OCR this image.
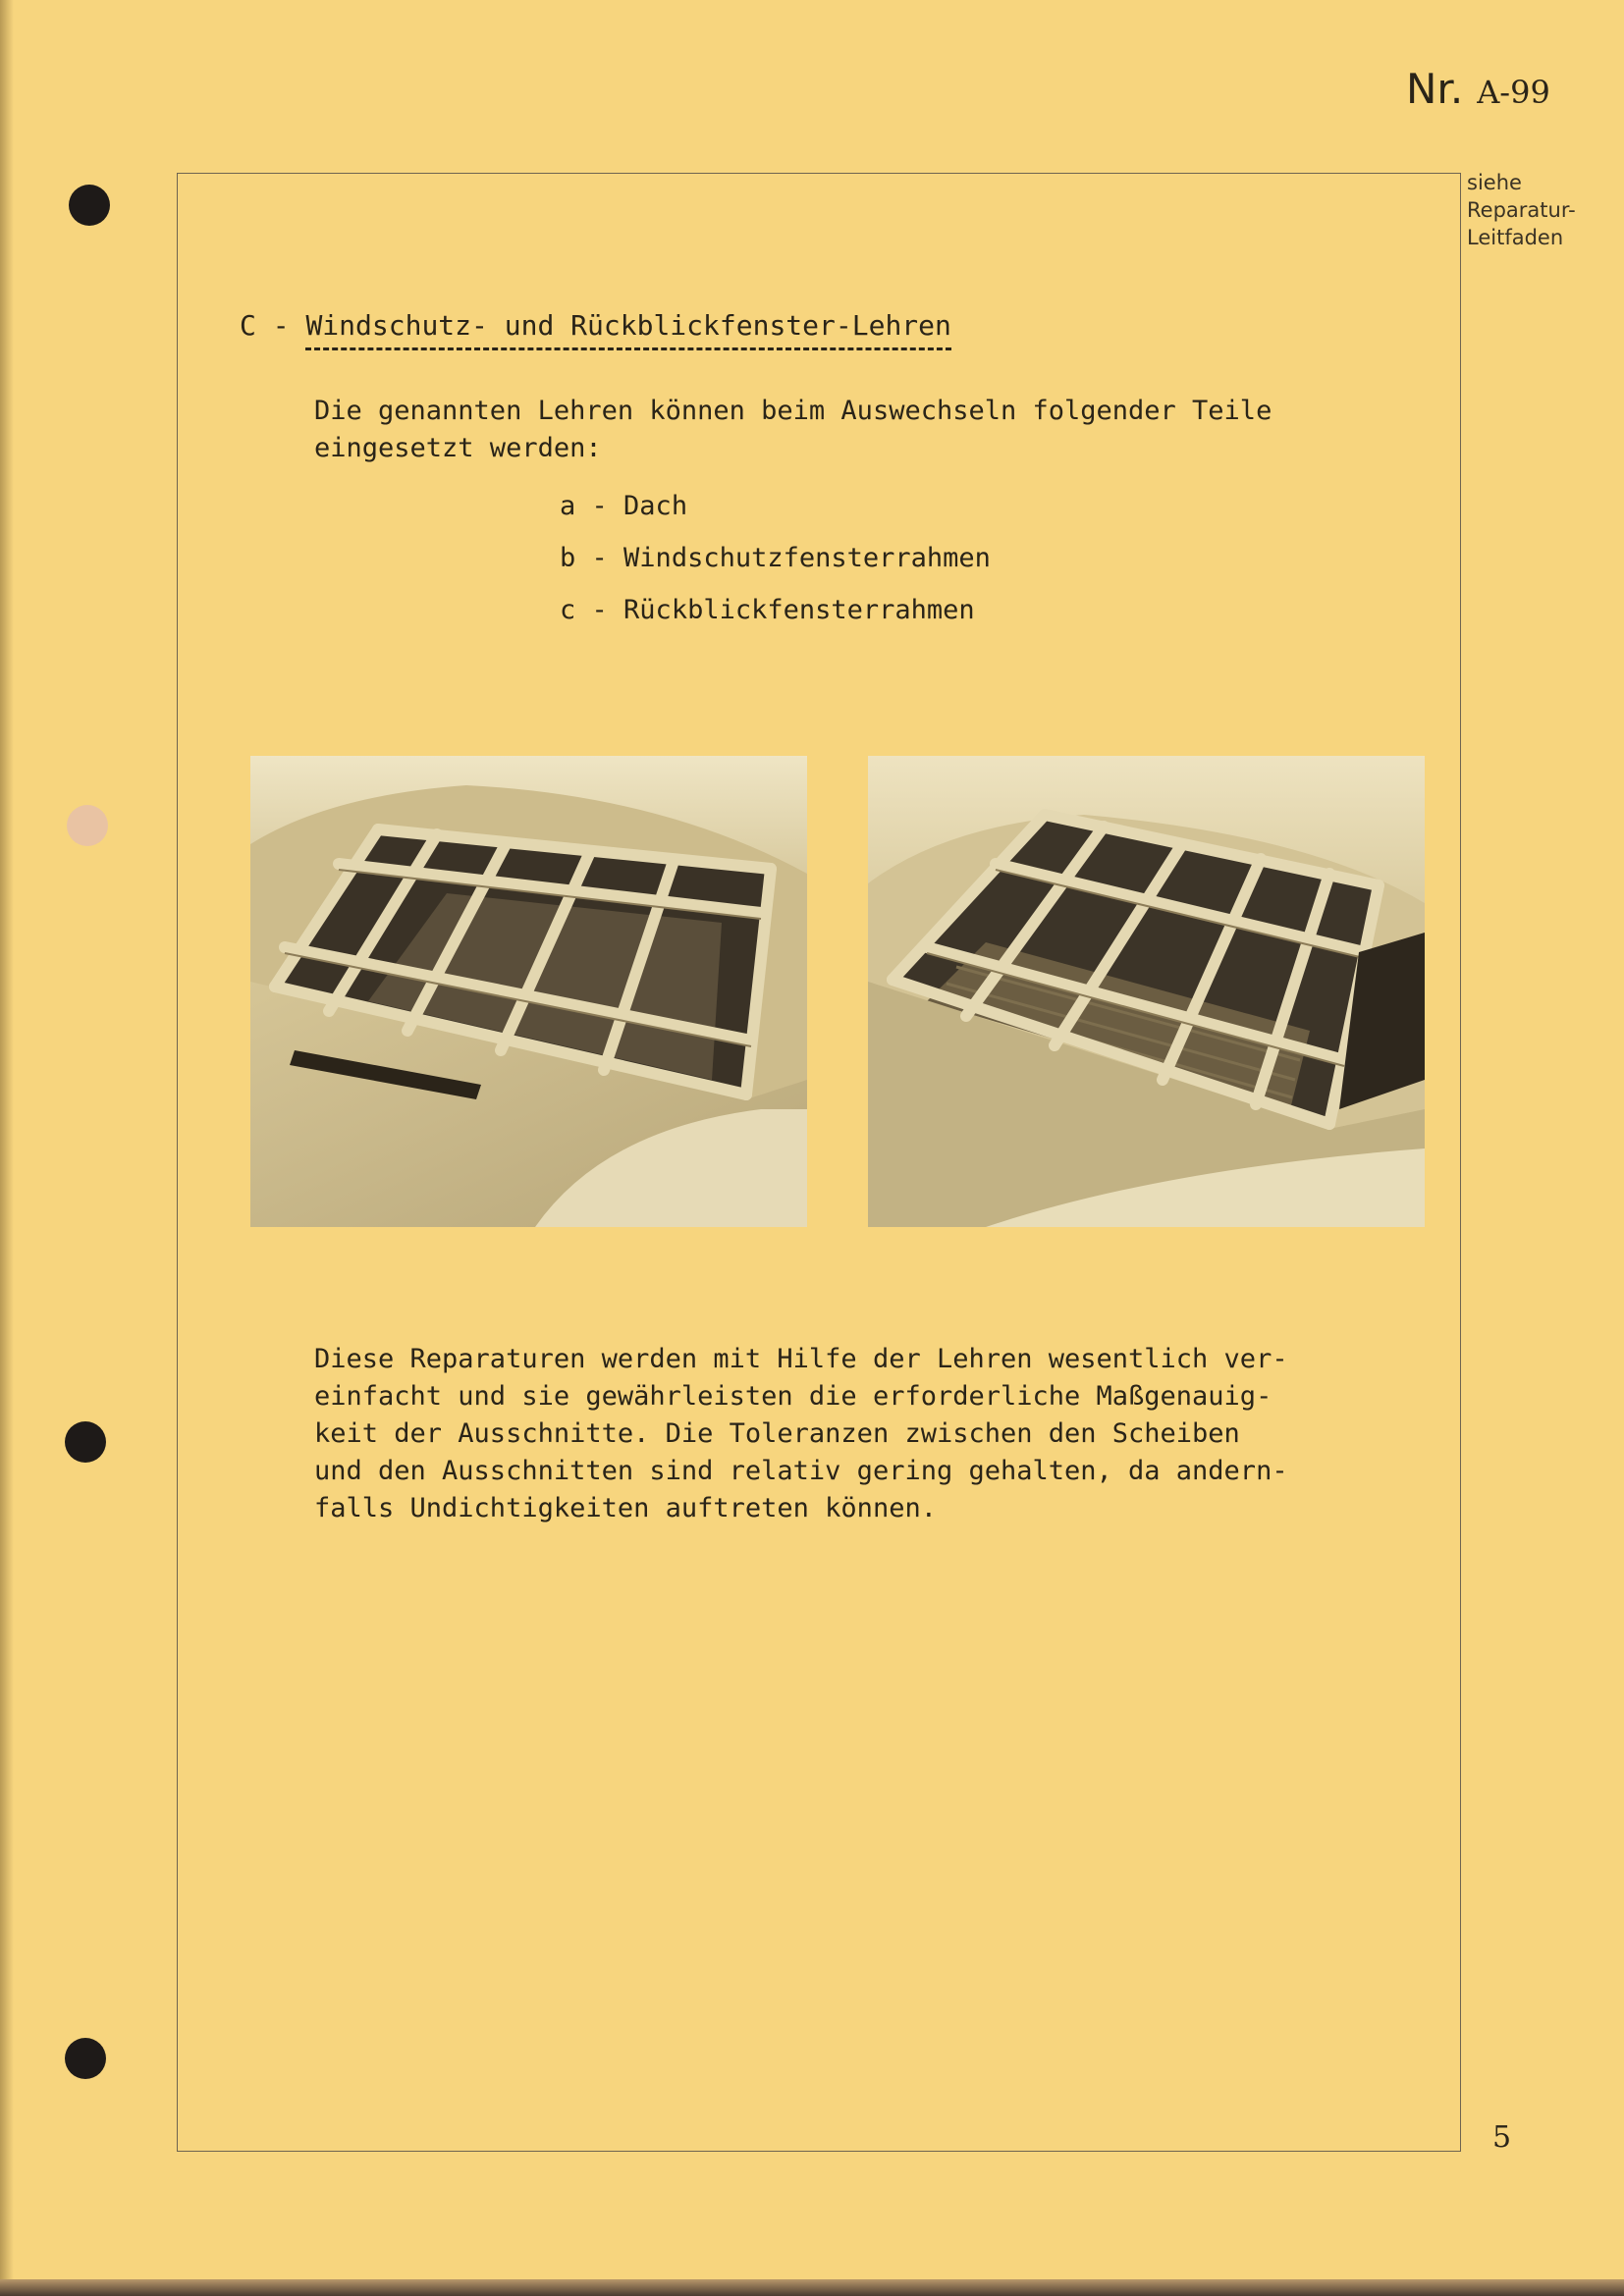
Nr. A-99
siehe
Reparatur-
Leitfaden
C - Windschutz- und Rückblickfenster-Lehren
Die genannten Lehren können beim Auswechseln folgender Teile
eingesetzt werden:
a - Dach
b - Windschutzfensterrahmen
c - Rückblickfensterrahmen
Diese Reparaturen werden mit Hilfe der Lehren wesentlich ver-
einfacht und sie gewährleisten die erforderliche Maßgenauig-
keit der Ausschnitte. Die Toleranzen zwischen den Scheiben
und den Ausschnitten sind relativ gering gehalten, da andern-
falls Undichtigkeiten auftreten können.
5
